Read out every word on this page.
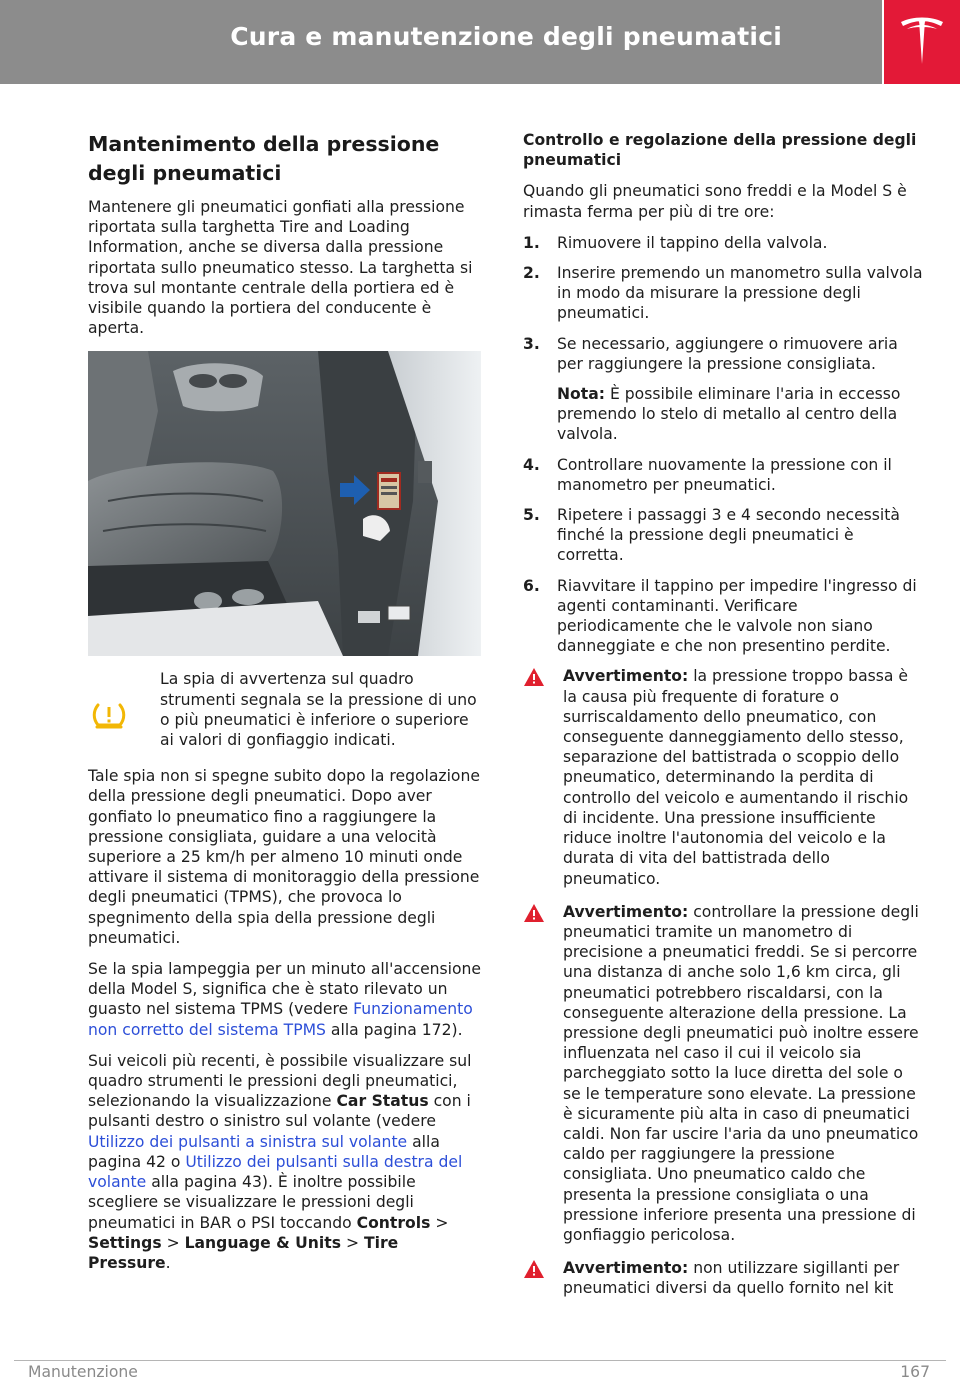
Cura e manutenzione degli pneumatici
Mantenimento della pressione degli pneumatici

Mantenere gli pneumatici gonfiati alla pressione riportata sulla targhetta Tire and Loading Information, anche se diversa dalla pressione riportata sullo pneumatico stesso. La targhetta si trova sul montante centrale della portiera ed è visibile quando la portiera del conducente è aperta.

La spia di avvertenza sul quadro strumenti segnala se la pressione di uno o più pneumatici è inferiore o superiore ai valori di gonfiaggio indicati.

Tale spia non si spegne subito dopo la regolazione della pressione degli pneumatici. Dopo aver gonfiato lo pneumatico fino a raggiungere la pressione consigliata, guidare a una velocità superiore a 25 km/h per almeno 10 minuti onde attivare il sistema di monitoraggio della pressione degli pneumatici (TPMS), che provoca lo spegnimento della spia della pressione degli pneumatici.

Se la spia lampeggia per un minuto all'accensione della Model S, significa che è stato rilevato un guasto nel sistema TPMS (vedere Funzionamento non corretto del sistema TPMS alla pagina 172).

Sui veicoli più recenti, è possibile visualizzare sul quadro strumenti le pressioni degli pneumatici, selezionando la visualizzazione Car Status con i pulsanti destro o sinistro sul volante (vedere Utilizzo dei pulsanti a sinistra sul volante alla pagina 42 o Utilizzo dei pulsanti sulla destra del volante alla pagina 43). È inoltre possibile scegliere se visualizzare le pressioni degli pneumatici in BAR o PSI toccando Controls > Settings > Language & Units > Tire Pressure.

Controllo e regolazione della pressione degli pneumatici

Quando gli pneumatici sono freddi e la Model S è rimasta ferma per più di tre ore:

1.	Rimuovere il tappino della valvola.
2.	Inserire premendo un manometro sulla valvola in modo da misurare la pressione degli pneumatici.
3.	Se necessario, aggiungere o rimuovere aria per raggiungere la pressione consigliata.

Nota: È possibile eliminare l'aria in eccesso premendo lo stelo di metallo al centro della valvola.

4.	Controllare nuovamente la pressione con il manometro per pneumatici.
5.	Ripetere i passaggi 3 e 4 secondo necessità finché la pressione degli pneumatici è corretta.
6.	Riavvitare il tappino per impedire l'ingresso di agenti contaminanti. Verificare periodicamente che le valvole non siano danneggiate e che non presentino perdite.
Avvertimento: la pressione troppo bassa è la causa più frequente di forature o surriscaldamento dello pneumatico, con conseguente danneggiamento dello stesso, separazione del battistrada o scoppio dello pneumatico, determinando la perdita di controllo del veicolo e aumentando il rischio di incidente. Una pressione insufficiente riduce inoltre l'autonomia del veicolo e la durata di vita del battistrada dello pneumatico.
Avvertimento: controllare la pressione degli pneumatici tramite un manometro di precisione a pneumatici freddi. Se si percorre una distanza di anche solo 1,6 km circa, gli pneumatici potrebbero riscaldarsi, con la conseguente alterazione della pressione. La pressione degli pneumatici può inoltre essere influenzata nel caso il cui il veicolo sia parcheggiato sotto la luce diretta del sole o se le temperature sono elevate. La pressione è sicuramente più alta in caso di pneumatici caldi. Non far uscire l'aria da uno pneumatico caldo per raggiungere la pressione consigliata. Uno pneumatico caldo che presenta la pressione consigliata o una pressione inferiore presenta una pressione di gonfiaggio pericolosa.
Avvertimento: non utilizzare sigillanti per pneumatici diversi da quello fornito nel kit
Manutenzione	167
